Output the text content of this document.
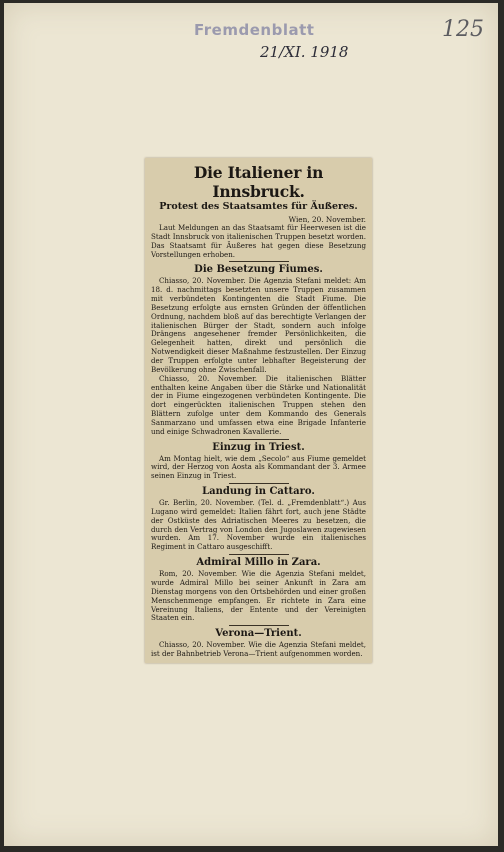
Fremdenblatt
21/XI. 1918
125
Die Italiener in Innsbruck.
Protest des Staatsamtes für Äußeres.

Wien, 20. November.

Laut Meldungen an das Staatsamt für Heerwesen ist die Stadt Innsbruck von italienischen Truppen besetzt worden. Das Staatsamt für Äußeres hat gegen diese Besetzung Vorstellungen erhoben.

Die Besetzung Fiumes.

Chiasso, 20. November. Die Agenzia Stefani meldet: Am 18. d. nachmittags besetzten unsere Truppen zusammen mit verbündeten Kontingenten die Stadt Fiume. Die Besetzung erfolgte aus ernsten Gründen der öffentlichen Ordnung, nachdem bloß auf das berechtigte Verlangen der italienischen Bürger der Stadt, sondern auch infolge Drängens angesehener fremder Persönlichkeiten, die Gelegenheit hatten, direkt und persönlich die Notwendigkeit dieser Maßnahme festzustellen. Der Einzug der Truppen erfolgte unter lebhafter Begeisterung der Bevölkerung ohne Zwischenfall.

Chiasso, 20. November. Die italienischen Blätter enthalten keine Angaben über die Stärke und Nationalität der in Fiume eingezogenen verbündeten Kontingente. Die dort eingerückten italienischen Truppen stehen den Blättern zufolge unter dem Kommando des Generals Sanmarzano und umfassen etwa eine Brigade Infanterie und einige Schwadronen Kavallerie.

Einzug in Triest.

Am Montag hielt, wie dem „Secolo“ aus Fiume gemeldet wird, der Herzog von Aosta als Kommandant der 3. Armee seinen Einzug in Triest.

Landung in Cattaro.

Gr. Berlin, 20. November. (Tel. d. „Fremdenblatt“.) Aus Lugano wird gemeldet: Italien fährt fort, auch jene Städte der Ostküste des Adriatischen Meeres zu besetzen, die durch den Vertrag von London den Jugoslawen zugewiesen wurden. Am 17. November wurde ein italienisches Regiment in Cattaro ausgeschifft.

Admiral Millo in Zara.

Rom, 20. November. Wie die Agenzia Stefani meldet, wurde Admiral Millo bei seiner Ankunft in Zara am Dienstag morgens von den Ortsbehörden und einer großen Menschenmenge empfangen. Er richtete in Zara eine Vereinung Italiens, der Entente und der Vereinigten Staaten ein.

Verona—Trient.

Chiasso, 20. November. Wie die Agenzia Stefani meldet, ist der Bahnbetrieb Verona—Trient aufgenommen worden.
